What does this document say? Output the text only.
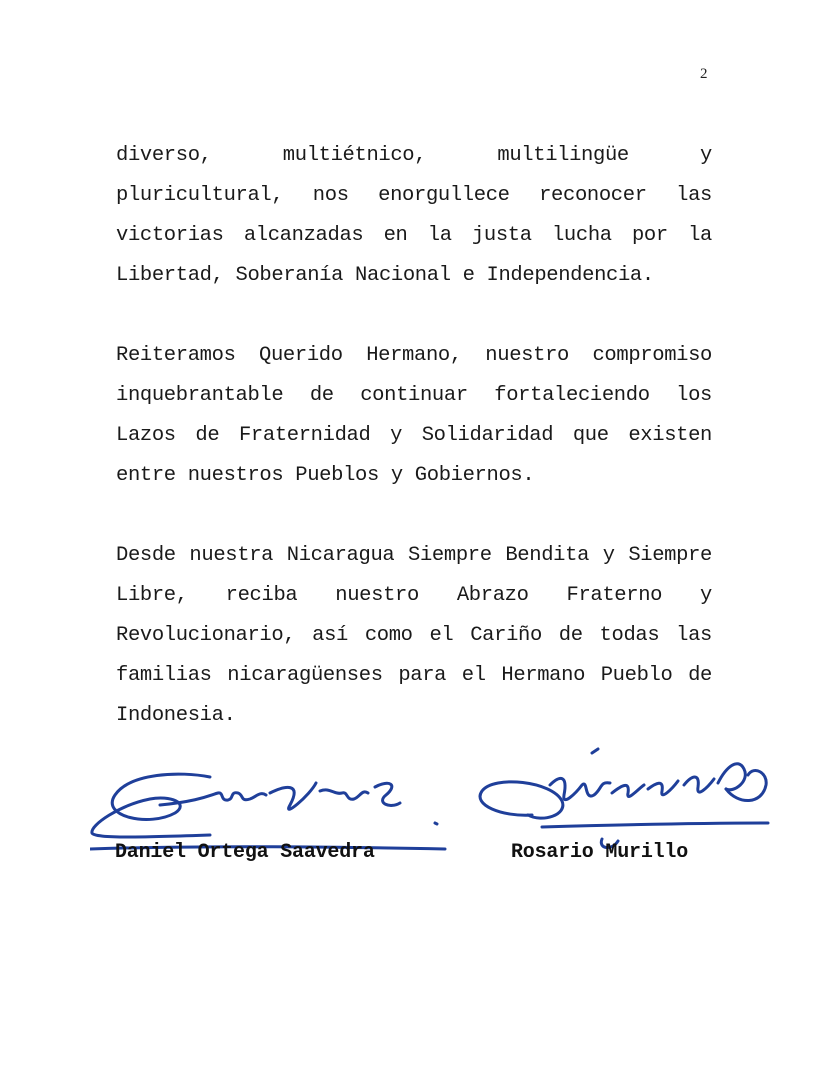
2

diverso, multiétnico, multilingüe y pluricultural, nos enorgullece reconocer las victorias alcanzadas en la justa lucha por la Libertad, Soberanía Nacional e Independencia.

Reiteramos Querido Hermano, nuestro compromiso inquebrantable de continuar fortaleciendo los Lazos de Fraternidad y Solidaridad que existen entre nuestros Pueblos y Gobiernos.

Desde nuestra Nicaragua Siempre Bendita y Siempre Libre, reciba nuestro Abrazo Fraterno y Revolucionario, así como el Cariño de todas las familias nicaragüenses para el Hermano Pueblo de Indonesia.

Daniel Ortega Saavedra	Rosario Murillo
